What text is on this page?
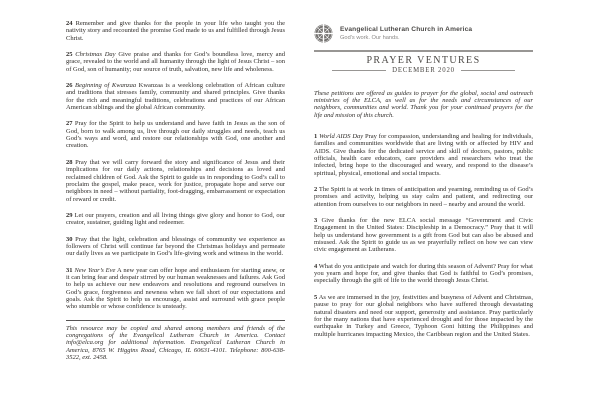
24 Remember and give thanks for the people in your life who taught you the nativity story and recounted the promise God made to us and fulfilled through Jesus Christ.

25 Christmas Day Give praise and thanks for God’s boundless love, mercy and grace, revealed to the world and all humanity through the light of Jesus Christ – son of God, son of humanity; our source of truth, salvation, new life and wholeness.

26 Beginning of Kwanzaa Kwanzaa is a weeklong celebration of African culture and traditions that stresses family, community and shared principles. Give thanks for the rich and meaningful traditions, celebrations and practices of our African American siblings and the global African community.

27 Pray for the Spirit to help us understand and have faith in Jesus as the son of God, born to walk among us, live through our daily struggles and needs, teach us God’s ways and word, and restore our relationships with God, one another and creation.

28 Pray that we will carry forward the story and significance of Jesus and their implications for our daily actions, relationships and decisions as loved and reclaimed children of God. Ask the Spirit to guide us in responding to God’s call to proclaim the gospel, make peace, work for justice, propagate hope and serve our neighbors in need – without partiality, foot-dragging, embarrassment or expectation of reward or credit.

29 Let our prayers, creation and all living things give glory and honor to God, our creator, sustainer, guiding light and redeemer.

30 Pray that the light, celebration and blessings of community we experience as followers of Christ will continue far beyond the Christmas holidays and permeate our daily lives as we participate in God’s life-giving work and witness in the world.

31 New Year’s Eve A new year can offer hope and enthusiasm for starting anew, or it can bring fear and despair stirred by our human weaknesses and failures. Ask God to help us achieve our new endeavors and resolutions and reground ourselves in God’s grace, forgiveness and newness when we fall short of our expectations and goals. Ask the Spirit to help us encourage, assist and surround with grace people who stumble or whose confidence is unsteady.

This resource may be copied and shared among members and friends of the congregations of the Evangelical Lutheran Church in America. Contact info@elca.org for additional information. Evangelical Lutheran Church in America, 8765 W. Higgins Road, Chicago, IL 60631-4101. Telephone: 800-638-3522, ext. 2458.

Evangelical Lutheran Church in America
God’s work. Our hands.
PRAYER VENTURES
DECEMBER 2020

These petitions are offered as guides to prayer for the global, social and outreach ministries of the ELCA, as well as for the needs and circumstances of our neighbors, communities and world. Thank you for your continued prayers for the life and mission of this church.

1 World AIDS Day Pray for compassion, understanding and healing for individuals, families and communities worldwide that are living with or affected by HIV and AIDS. Give thanks for the dedicated service and skill of doctors, pastors, public officials, health care educators, care providers and researchers who treat the infected, bring hope to the discouraged and weary, and respond to the disease’s spiritual, physical, emotional and social impacts.

2 The Spirit is at work in times of anticipation and yearning, reminding us of God’s promises and activity, helping us stay calm and patient, and redirecting our attention from ourselves to our neighbors in need – nearby and around the world.

3 Give thanks for the new ELCA social message “Government and Civic Engagement in the United States: Discipleship in a Democracy.” Pray that it will help us understand how government is a gift from God but can also be abused and misused. Ask the Spirit to guide us as we prayerfully reflect on how we can view civic engagement as Lutherans.

4 What do you anticipate and watch for during this season of Advent? Pray for what you yearn and hope for, and give thanks that God is faithful to God’s promises, especially through the gift of life to the world through Jesus Christ.

5 As we are immersed in the joy, festivities and busyness of Advent and Christmas, pause to pray for our global neighbors who have suffered through devastating natural disasters and need our support, generosity and assistance. Pray particularly for the many nations that have experienced drought and for those impacted by the earthquake in Turkey and Greece, Typhoon Goni hitting the Philippines and multiple hurricanes impacting Mexico, the Caribbean region and the United States.
